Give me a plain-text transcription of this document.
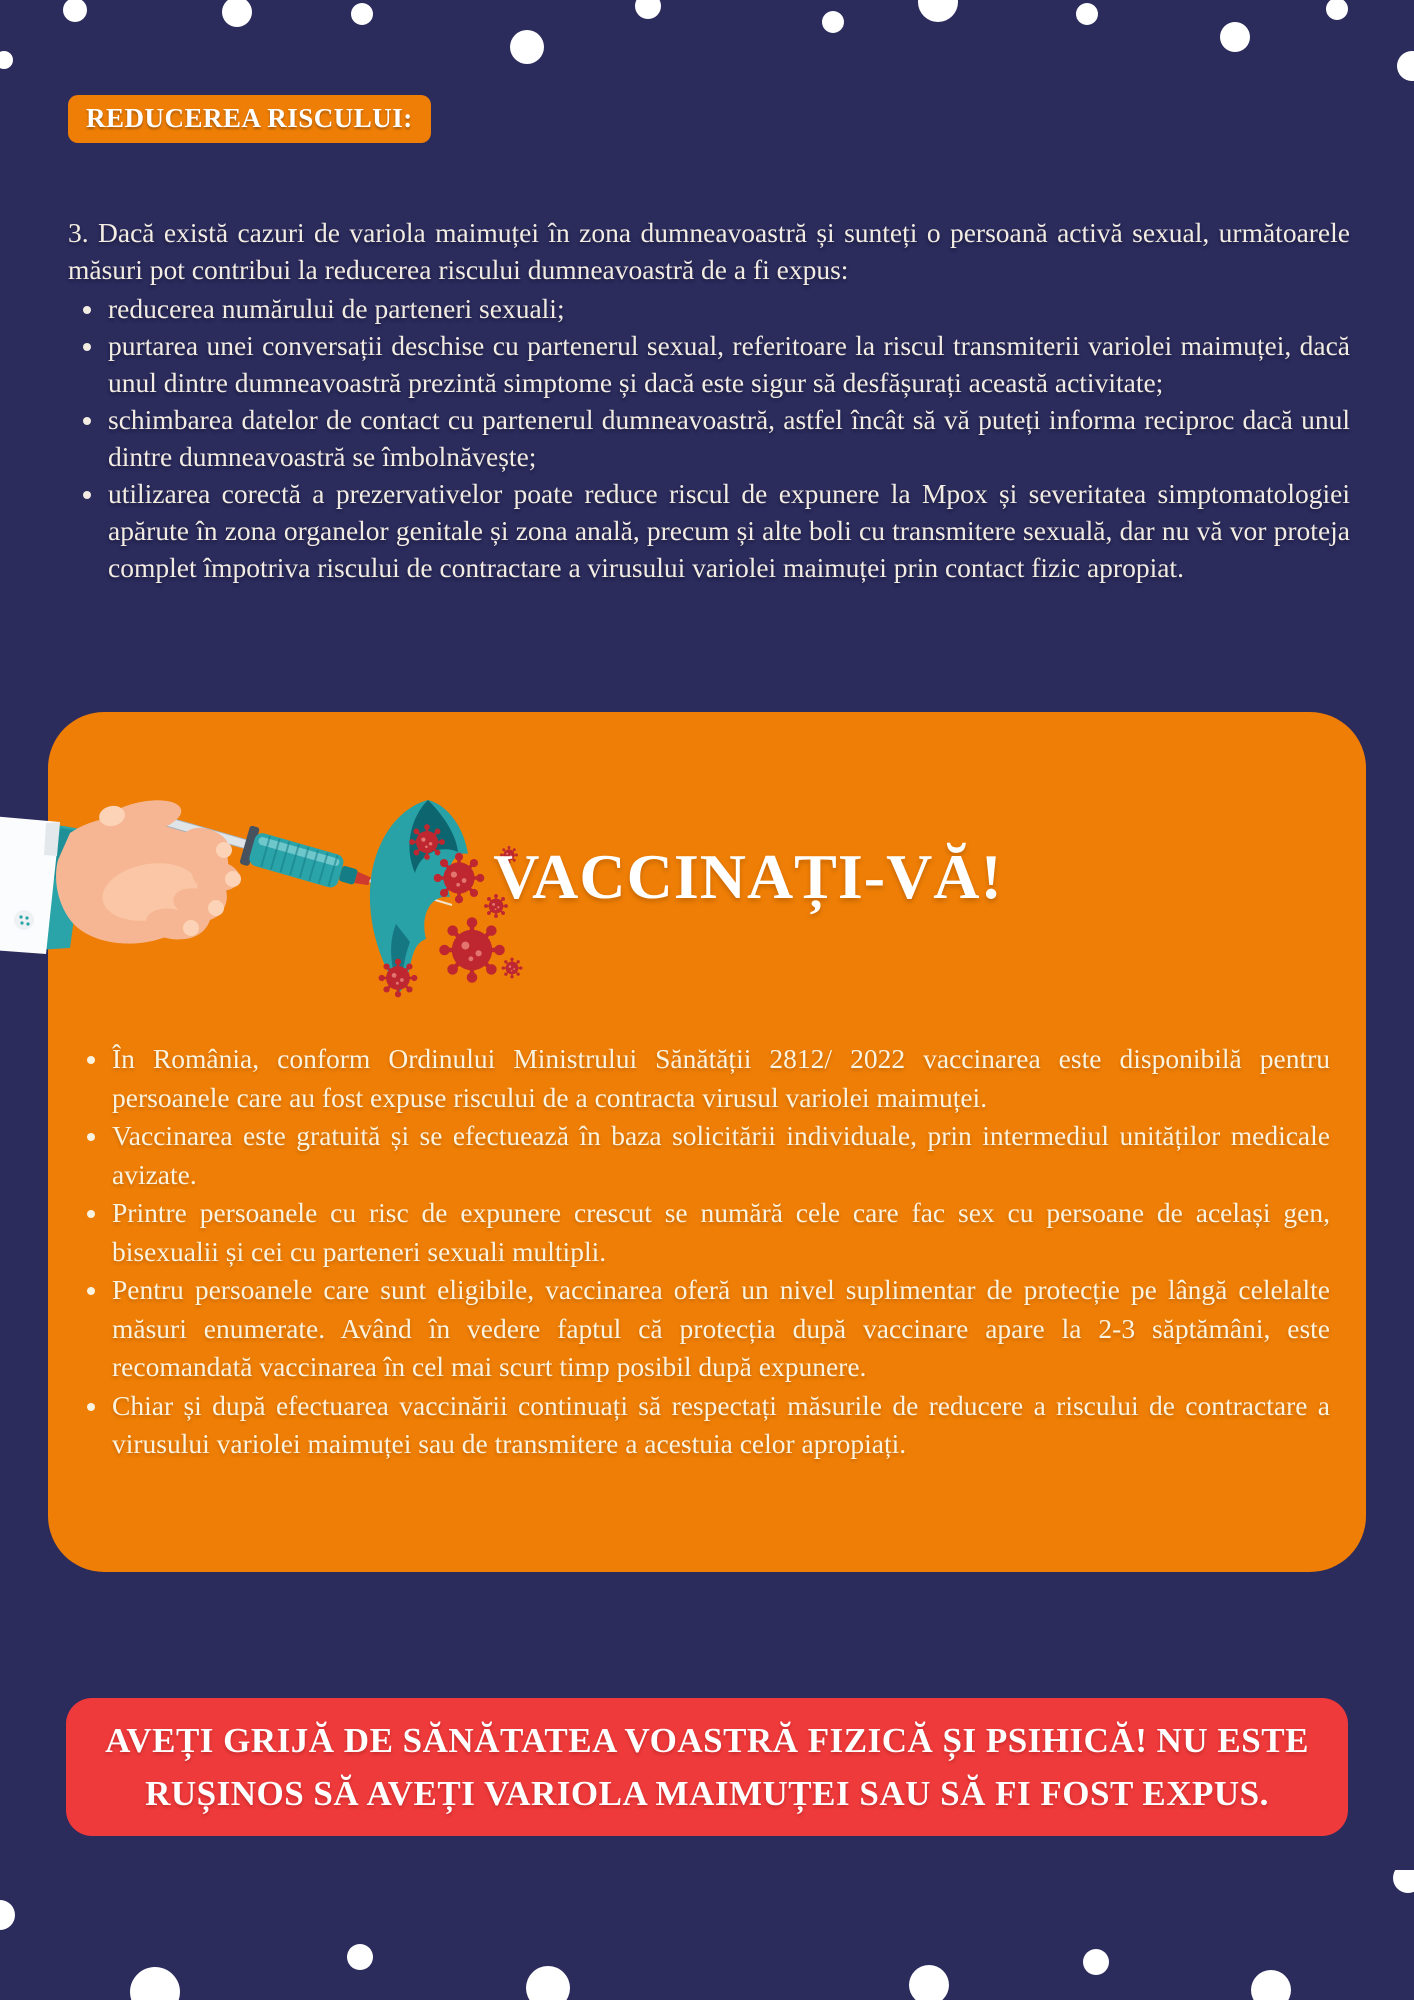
REDUCEREA RISCULUI:

3. Dacă există cazuri de variola maimuței în zona dumneavoastră și sunteți o persoană activă sexual, următoarele măsuri pot contribui la reducerea riscului dumneavoastră de a fi expus:

• reducerea numărului de parteneri sexuali;
• purtarea unei conversații deschise cu partenerul sexual, referitoare la riscul transmiterii variolei maimuței, dacă unul dintre dumneavoastră prezintă simptome și dacă este sigur să desfășurați această activitate;
• schimbarea datelor de contact cu partenerul dumneavoastră, astfel încât să vă puteți informa reciproc dacă unul dintre dumneavoastră se îmbolnăvește;
• utilizarea corectă a prezervativelor poate reduce riscul de expunere la Mpox și severitatea simptomatologiei apărute în zona organelor genitale și zona anală, precum și alte boli cu transmitere sexuală, dar nu vă vor proteja complet împotriva riscului de contractare a virusului variolei maimuței prin contact fizic apropiat.
VACCINAȚI-VĂ!
• În România, conform Ordinului Ministrului Sănătății 2812/ 2022 vaccinarea este disponibilă pentru persoanele care au fost expuse riscului de a contracta virusul variolei maimuței.
• Vaccinarea este gratuită și se efectuează în baza solicitării individuale, prin intermediul unităților medicale avizate.
• Printre persoanele cu risc de expunere crescut se numără cele care fac sex cu persoane de același gen, bisexualii și cei cu parteneri sexuali multipli.
• Pentru persoanele care sunt eligibile, vaccinarea oferă un nivel suplimentar de protecție pe lângă celelalte măsuri enumerate. Având în vedere faptul că protecția după vaccinare apare la 2-3 săptămâni, este recomandată vaccinarea în cel mai scurt timp posibil după expunere.
• Chiar și după efectuarea vaccinării continuați să respectați măsurile de reducere a riscului de contractare a virusului variolei maimuței sau de transmitere a acestuia celor apropiați.
AVEȚI GRIJĂ DE SĂNĂTATEA VOASTRĂ FIZICĂ ȘI PSIHICĂ! NU ESTE RUȘINOS SĂ AVEȚI VARIOLA MAIMUȚEI SAU SĂ FI FOST EXPUS.
